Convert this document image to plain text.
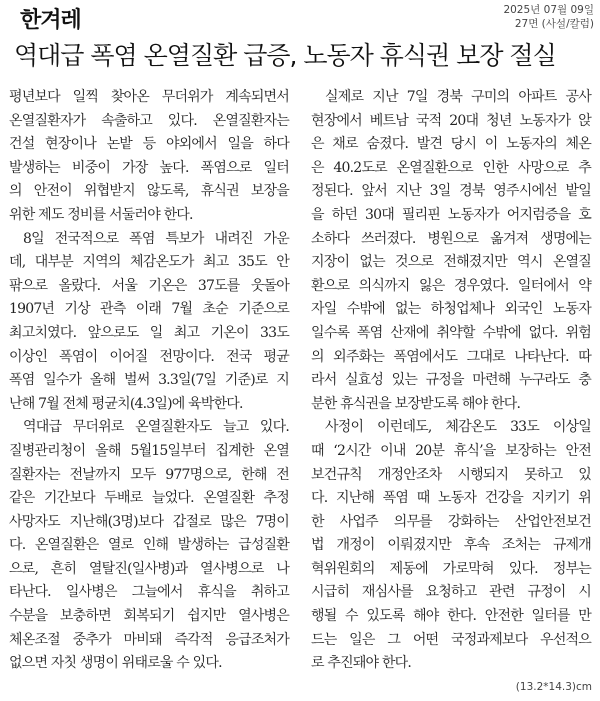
한겨레	2025년 07월 09일
27면 (사설/칼럼)
역대급 폭염 온열질환 급증, 노동자 휴식권 보장 절실
평년보다 일찍 찾아온 무더위가 계속되면서
온열질환자가 속출하고 있다. 온열질환자는
건설 현장이나 논밭 등 야외에서 일을 하다
발생하는 비중이 가장 높다. 폭염으로 일터
의 안전이 위협받지 않도록, 휴식권 보장을
위한 제도 정비를 서둘러야 한다.
8일 전국적으로 폭염 특보가 내려진 가운
데, 대부분 지역의 체감온도가 최고 35도 안
팎으로 올랐다. 서울 기온은 37도를 웃돌아
1907년 기상 관측 이래 7월 초순 기준으로
최고치였다. 앞으로도 일 최고 기온이 33도
이상인 폭염이 이어질 전망이다. 전국 평균
폭염 일수가 올해 벌써 3.3일(7일 기준)로 지
난해 7월 전체 평균치(4.3일)에 육박한다.
역대급 무더위로 온열질환자도 늘고 있다.
질병관리청이 올해 5월15일부터 집계한 온열
질환자는 전날까지 모두 977명으로, 한해 전
같은 기간보다 두배로 늘었다. 온열질환 추정
사망자도 지난해(3명)보다 갑절로 많은 7명이
다. 온열질환은 열로 인해 발생하는 급성질환
으로, 흔히 열탈진(일사병)과 열사병으로 나
타난다. 일사병은 그늘에서 휴식을 취하고
수분을 보충하면 회복되기 쉽지만 열사병은
체온조절 중추가 마비돼 즉각적 응급조처가
없으면 자칫 생명이 위태로울 수 있다.
실제로 지난 7일 경북 구미의 아파트 공사
현장에서 베트남 국적 20대 청년 노동자가 앉
은 채로 숨졌다. 발견 당시 이 노동자의 체온
은 40.2도로 온열질환으로 인한 사망으로 추
정된다. 앞서 지난 3일 경북 영주시에선 밭일
을 하던 30대 필리핀 노동자가 어지럼증을 호
소하다 쓰러졌다. 병원으로 옮겨져 생명에는
지장이 없는 것으로 전해졌지만 역시 온열질
환으로 의식까지 잃은 경우였다. 일터에서 약
자일 수밖에 없는 하청업체나 외국인 노동자
일수록 폭염 산재에 취약할 수밖에 없다. 위험
의 외주화는 폭염에서도 그대로 나타난다. 따
라서 실효성 있는 규정을 마련해 누구라도 충
분한 휴식권을 보장받도록 해야 한다.
사정이 이런데도, 체감온도 33도 이상일
때 ‘2시간 이내 20분 휴식’을 보장하는 안전
보건규칙 개정안조차 시행되지 못하고 있
다. 지난해 폭염 때 노동자 건강을 지키기 위
한 사업주 의무를 강화하는 산업안전보건
법 개정이 이뤄졌지만 후속 조처는 규제개
혁위원회의 제동에 가로막혀 있다. 정부는
시급히 재심사를 요청하고 관련 규정이 시
행될 수 있도록 해야 한다. 안전한 일터를 만
드는 일은 그 어떤 국정과제보다 우선적으
로 추진돼야 한다.
(13.2*14.3)cm
